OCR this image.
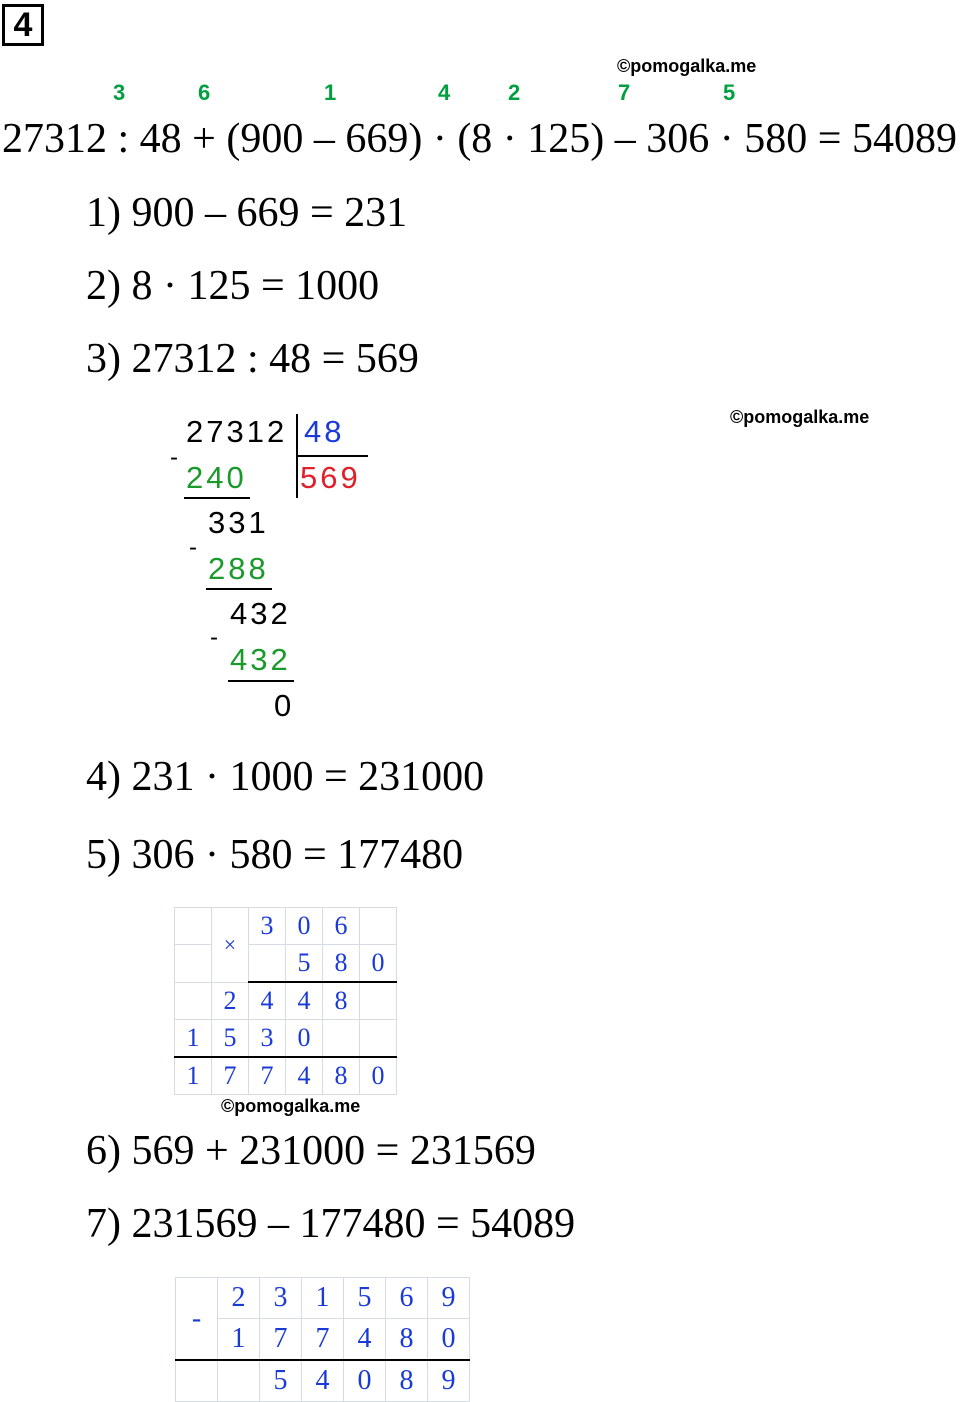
4
©pomogalka.me
©pomogalka.me
©pomogalka.me
3	6	1	4	2	7	5
27312 : 48 + (900 – 669) · (8 · 125) – 306 · 580 = 54089
1) 900 – 669 = 231
2) 8 · 125 = 1000
3) 27312 : 48 = 569
27312 48
569
-
240
331
-
288
432
-
432
0
4) 231 · 1000 = 231000
5) 306 · 580 = 177480
	×	3	0	6	
			5	8	0
	2	4	4	8	
1	5	3	0		
1	7	7	4	8	0
6) 569 + 231000 = 231569
7) 231569 – 177480 = 54089
-	2	3	1	5	6	9
	1	7	7	4	8	0
		5	4	0	8	9
